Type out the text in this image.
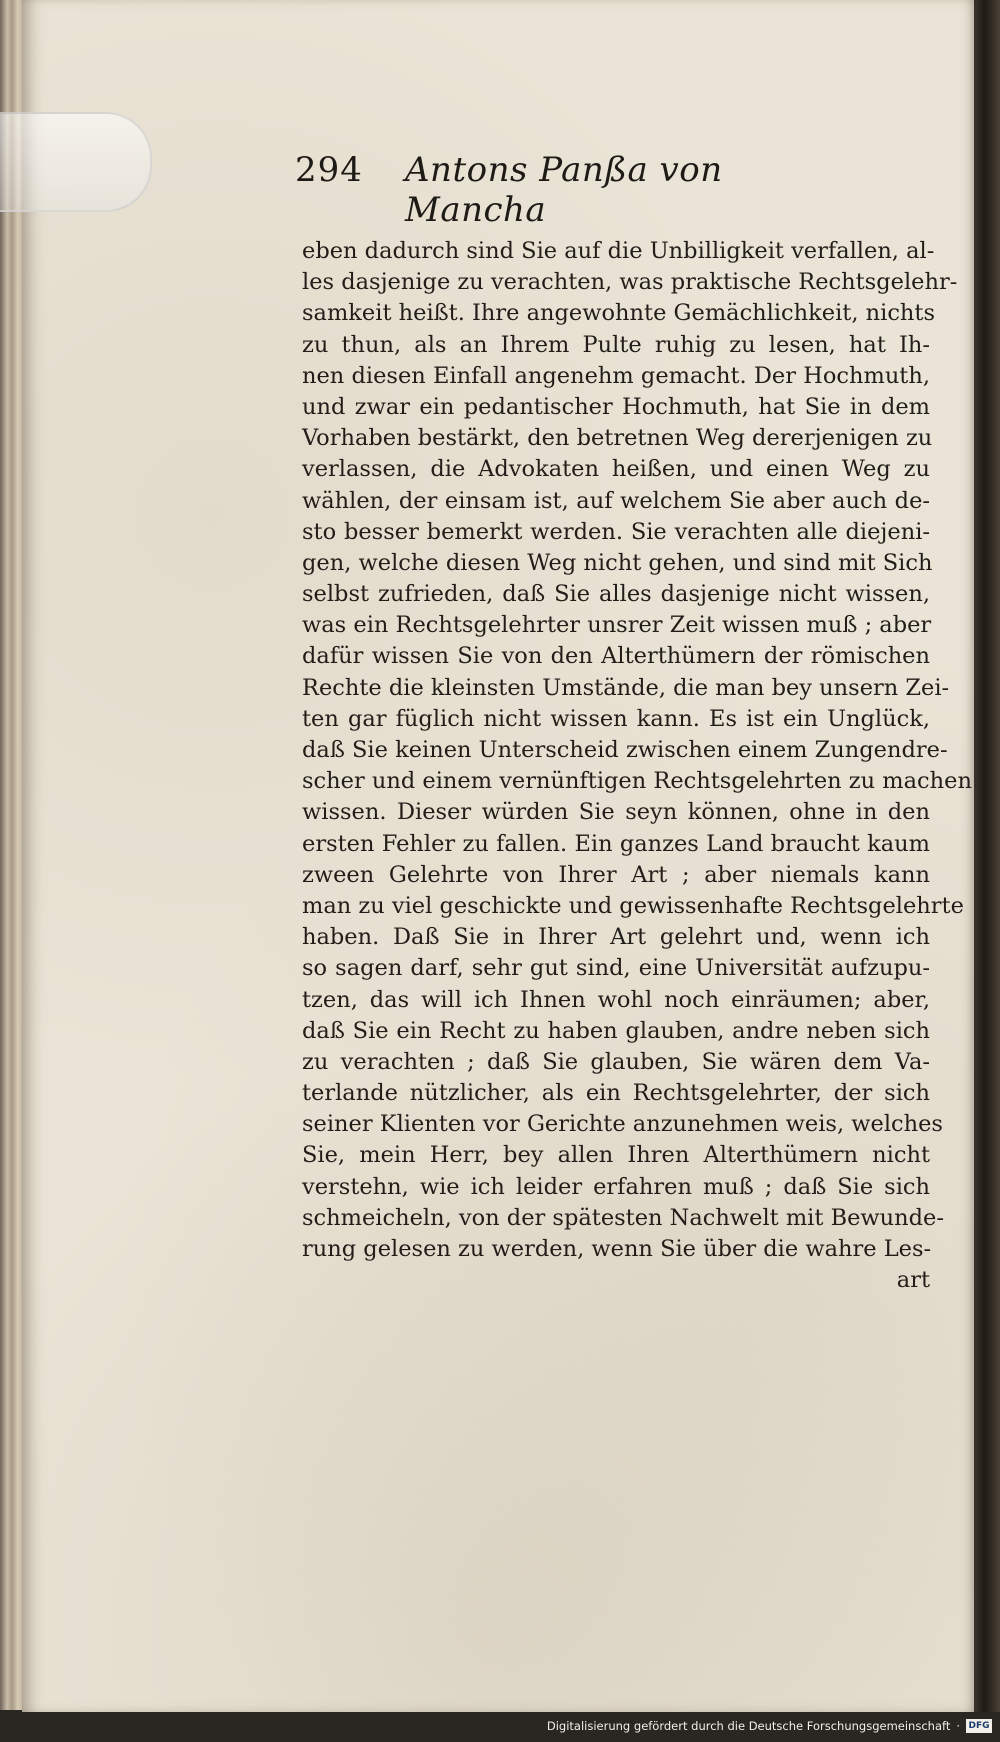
294 Antons Panßa von Mancha
eben dadurch sind Sie auf die Unbilligkeit verfallen, al-
les dasjenige zu verachten, was praktische Rechtsgelehr-
samkeit heißt. Ihre angewohnte Gemächlichkeit, nichts
zu thun, als an Ihrem Pulte ruhig zu lesen, hat Ih-
nen diesen Einfall angenehm gemacht. Der Hochmuth,
und zwar ein pedantischer Hochmuth, hat Sie in dem
Vorhaben bestärkt, den betretnen Weg dererjenigen zu
verlassen, die Advokaten heißen, und einen Weg zu
wählen, der einsam ist, auf welchem Sie aber auch de-
sto besser bemerkt werden. Sie verachten alle diejeni-
gen, welche diesen Weg nicht gehen, und sind mit Sich
selbst zufrieden, daß Sie alles dasjenige nicht wissen,
was ein Rechtsgelehrter unsrer Zeit wissen muß ; aber
dafür wissen Sie von den Alterthümern der römischen
Rechte die kleinsten Umstände, die man bey unsern Zei-
ten gar füglich nicht wissen kann. Es ist ein Unglück,
daß Sie keinen Unterscheid zwischen einem Zungendre-
scher und einem vernünftigen Rechtsgelehrten zu machen
wissen. Dieser würden Sie seyn können, ohne in den
ersten Fehler zu fallen. Ein ganzes Land braucht kaum
zween Gelehrte von Ihrer Art ; aber niemals kann
man zu viel geschickte und gewissenhafte Rechtsgelehrte
haben. Daß Sie in Ihrer Art gelehrt und, wenn ich
so sagen darf, sehr gut sind, eine Universität aufzupu-
tzen, das will ich Ihnen wohl noch einräumen; aber,
daß Sie ein Recht zu haben glauben, andre neben sich
zu verachten ; daß Sie glauben, Sie wären dem Va-
terlande nützlicher, als ein Rechtsgelehrter, der sich
seiner Klienten vor Gerichte anzunehmen weis, welches
Sie, mein Herr, bey allen Ihren Alterthümern nicht
verstehn, wie ich leider erfahren muß ; daß Sie sich
schmeicheln, von der spätesten Nachwelt mit Bewunde-
rung gelesen zu werden, wenn Sie über die wahre Les-
art
Digitalisierung gefördert durch die Deutsche Forschungsgemeinschaft · DFG
